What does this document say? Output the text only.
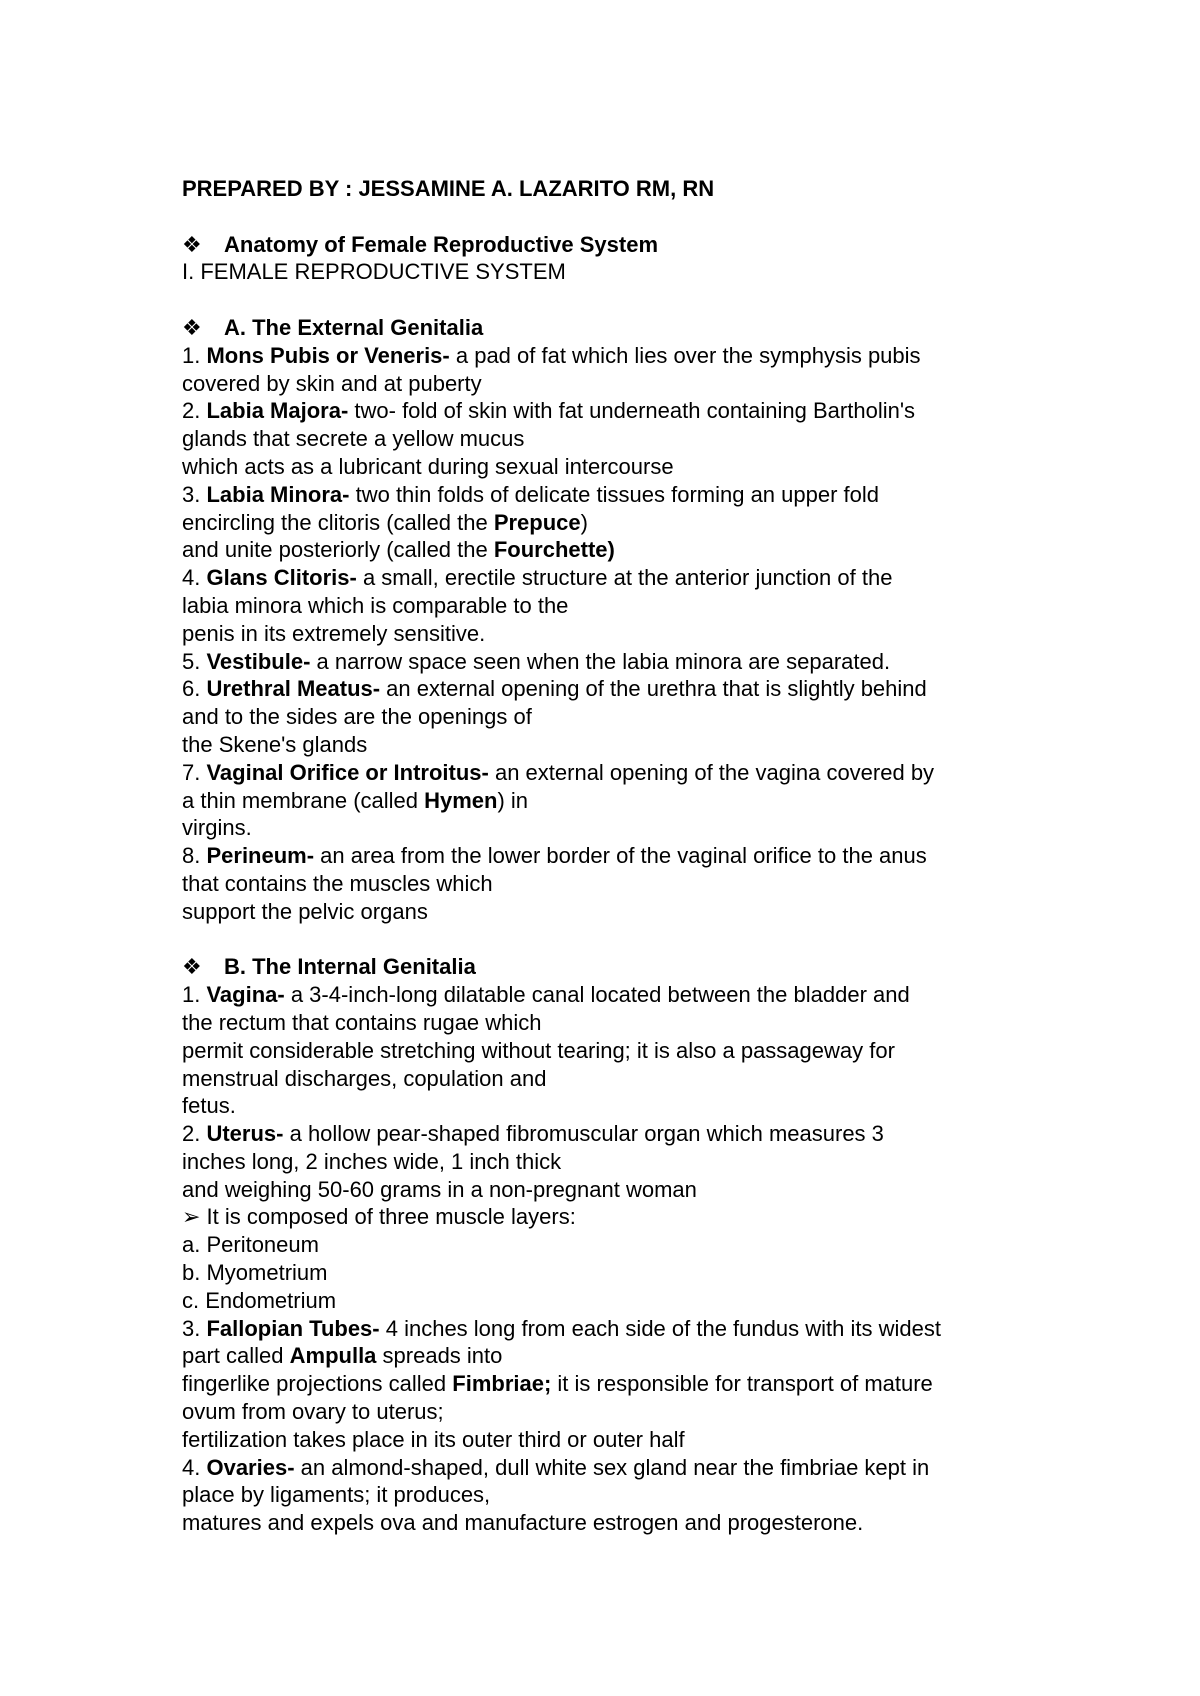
PREPARED BY : JESSAMINE A. LAZARITO RM, RN
❖ Anatomy of Female Reproductive System
I. FEMALE REPRODUCTIVE SYSTEM
❖ A. The External Genitalia
1. Mons Pubis or Veneris- a pad of fat which lies over the symphysis pubis
covered by skin and at puberty
2. Labia Majora- two- fold of skin with fat underneath containing Bartholin's
glands that secrete a yellow mucus
which acts as a lubricant during sexual intercourse
3. Labia Minora- two thin folds of delicate tissues forming an upper fold
encircling the clitoris (called the Prepuce)
and unite posteriorly (called the Fourchette)
4. Glans Clitoris- a small, erectile structure at the anterior junction of the
labia minora which is comparable to the
penis in its extremely sensitive.
5. Vestibule- a narrow space seen when the labia minora are separated.
6. Urethral Meatus- an external opening of the urethra that is slightly behind
and to the sides are the openings of
the Skene's glands
7. Vaginal Orifice or Introitus- an external opening of the vagina covered by
a thin membrane (called Hymen) in
virgins.
8. Perineum- an area from the lower border of the vaginal orifice to the anus
that contains the muscles which
support the pelvic organs
❖ B. The Internal Genitalia
1. Vagina- a 3-4-inch-long dilatable canal located between the bladder and
the rectum that contains rugae which
permit considerable stretching without tearing; it is also a passageway for
menstrual discharges, copulation and
fetus.
2. Uterus- a hollow pear-shaped fibromuscular organ which measures 3
inches long, 2 inches wide, 1 inch thick
and weighing 50-60 grams in a non-pregnant woman
➢ It is composed of three muscle layers:
a. Peritoneum
b. Myometrium
c. Endometrium
3. Fallopian Tubes- 4 inches long from each side of the fundus with its widest
part called Ampulla spreads into
fingerlike projections called Fimbriae; it is responsible for transport of mature
ovum from ovary to uterus;
fertilization takes place in its outer third or outer half
4. Ovaries- an almond-shaped, dull white sex gland near the fimbriae kept in
place by ligaments; it produces,
matures and expels ova and manufacture estrogen and progesterone.
